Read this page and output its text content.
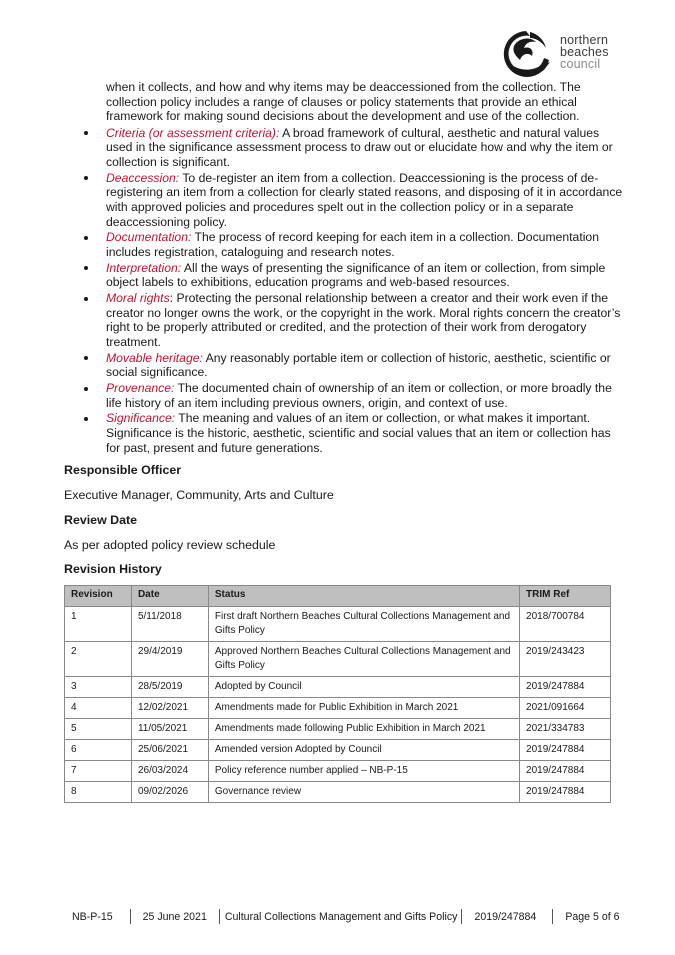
northern
beaches
council
when it collects, and how and why items may be deaccessioned from the collection. The collection policy includes a range of clauses or policy statements that provide an ethical framework for making sound decisions about the development and use of the collection.
Criteria (or assessment criteria): A broad framework of cultural, aesthetic and natural values used in the significance assessment process to draw out or elucidate how and why the item or collection is significant.
Deaccession: To de-register an item from a collection. Deaccessioning is the process of de-registering an item from a collection for clearly stated reasons, and disposing of it in accordance with approved policies and procedures spelt out in the collection policy or in a separate deaccessioning policy.
Documentation: The process of record keeping for each item in a collection. Documentation includes registration, cataloguing and research notes.
Interpretation: All the ways of presenting the significance of an item or collection, from simple object labels to exhibitions, education programs and web-based resources.
Moral rights: Protecting the personal relationship between a creator and their work even if the creator no longer owns the work, or the copyright in the work. Moral rights concern the creator’s right to be properly attributed or credited, and the protection of their work from derogatory treatment.
Movable heritage: Any reasonably portable item or collection of historic, aesthetic, scientific or social significance.
Provenance: The documented chain of ownership of an item or collection, or more broadly the life history of an item including previous owners, origin, and context of use.
Significance: The meaning and values of an item or collection, or what makes it important. Significance is the historic, aesthetic, scientific and social values that an item or collection has for past, present and future generations.
Responsible Officer
Executive Manager, Community, Arts and Culture
Review Date
As per adopted policy review schedule
Revision History
Revision	Date	Status	TRIM Ref
1	5/11/2018	First draft Northern Beaches Cultural Collections Management and Gifts Policy	2018/700784
2	29/4/2019	Approved Northern Beaches Cultural Collections Management and Gifts Policy	2019/243423
3	28/5/2019	Adopted by Council	2019/247884
4	12/02/2021	Amendments made for Public Exhibition in March 2021	2021/091664
5	11/05/2021	Amendments made following Public Exhibition in March 2021	2021/334783
6	25/06/2021	Amended version Adopted by Council	2019/247884
7	26/03/2024	Policy reference number applied – NB-P-15	2019/247884
8	09/02/2026	Governance review	2019/247884
NB-P-15	25 June 2021 Cultural Collections Management and Gifts Policy 2019/247884	Page 5 of 6
